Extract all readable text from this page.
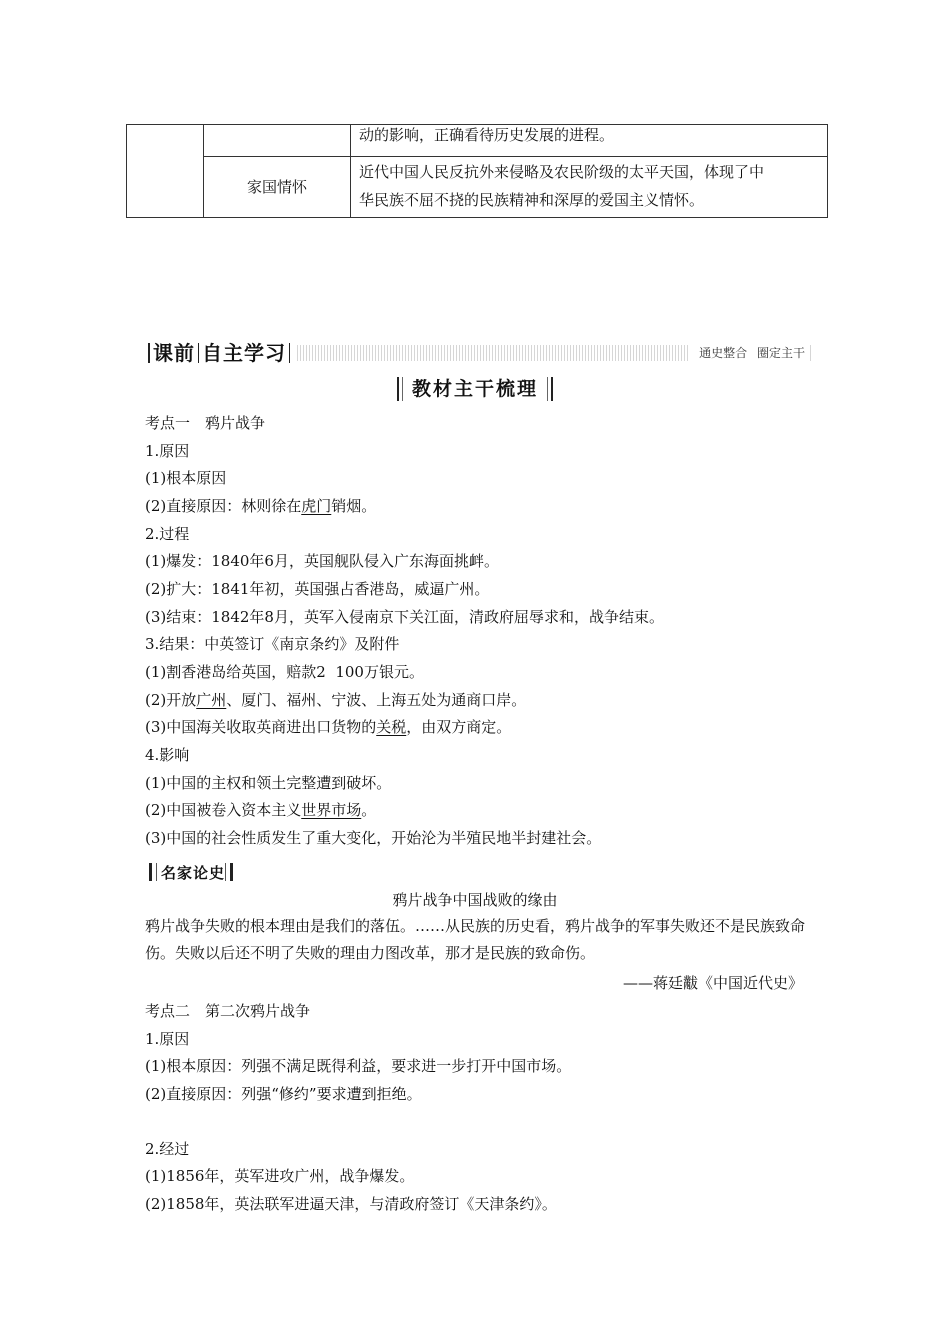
		动的影响，正确看待历史发展的进程。
	家国情怀	近代中国人民反抗外来侵略及农民阶级的太平天国，体现了中
华民族不屈不挠的民族精神和深厚的爱国主义情怀。
课前 自主学习	通史整合 圈定主干
教材主干梳理
考点一　鸦片战争
1.原因
(1)根本原因
(2)直接原因：林则徐在虎门销烟。
2.过程
(1)爆发：1840年6月，英国舰队侵入广东海面挑衅。
(2)扩大：1841年初，英国强占香港岛，威逼广州。
(3)结束：1842年8月，英军入侵南京下关江面，清政府屈辱求和，战争结束。
3.结果：中英签订《南京条约》及附件
(1)割香港岛给英国，赔款2  100万银元。
(2)开放广州、厦门、福州、宁波、上海五处为通商口岸。
(3)中国海关收取英商进出口货物的关税，由双方商定。
4.影响
(1)中国的主权和领土完整遭到破坏。
(2)中国被卷入资本主义世界市场。
(3)中国的社会性质发生了重大变化，开始沦为半殖民地半封建社会。
名家论史
鸦片战争中国战败的缘由
鸦片战争失败的根本理由是我们的落伍。……从民族的历史看，鸦片战争的军事失败还不是民族致命伤。失败以后还不明了失败的理由力图改革，那才是民族的致命伤。
——蒋廷黻《中国近代史》
考点二　第二次鸦片战争
1.原因
(1)根本原因：列强不满足既得利益，要求进一步打开中国市场。
(2)直接原因：列强“修约”要求遭到拒绝。
2.经过
(1)1856年，英军进攻广州，战争爆发。
(2)1858年，英法联军进逼天津，与清政府签订《天津条约》。
